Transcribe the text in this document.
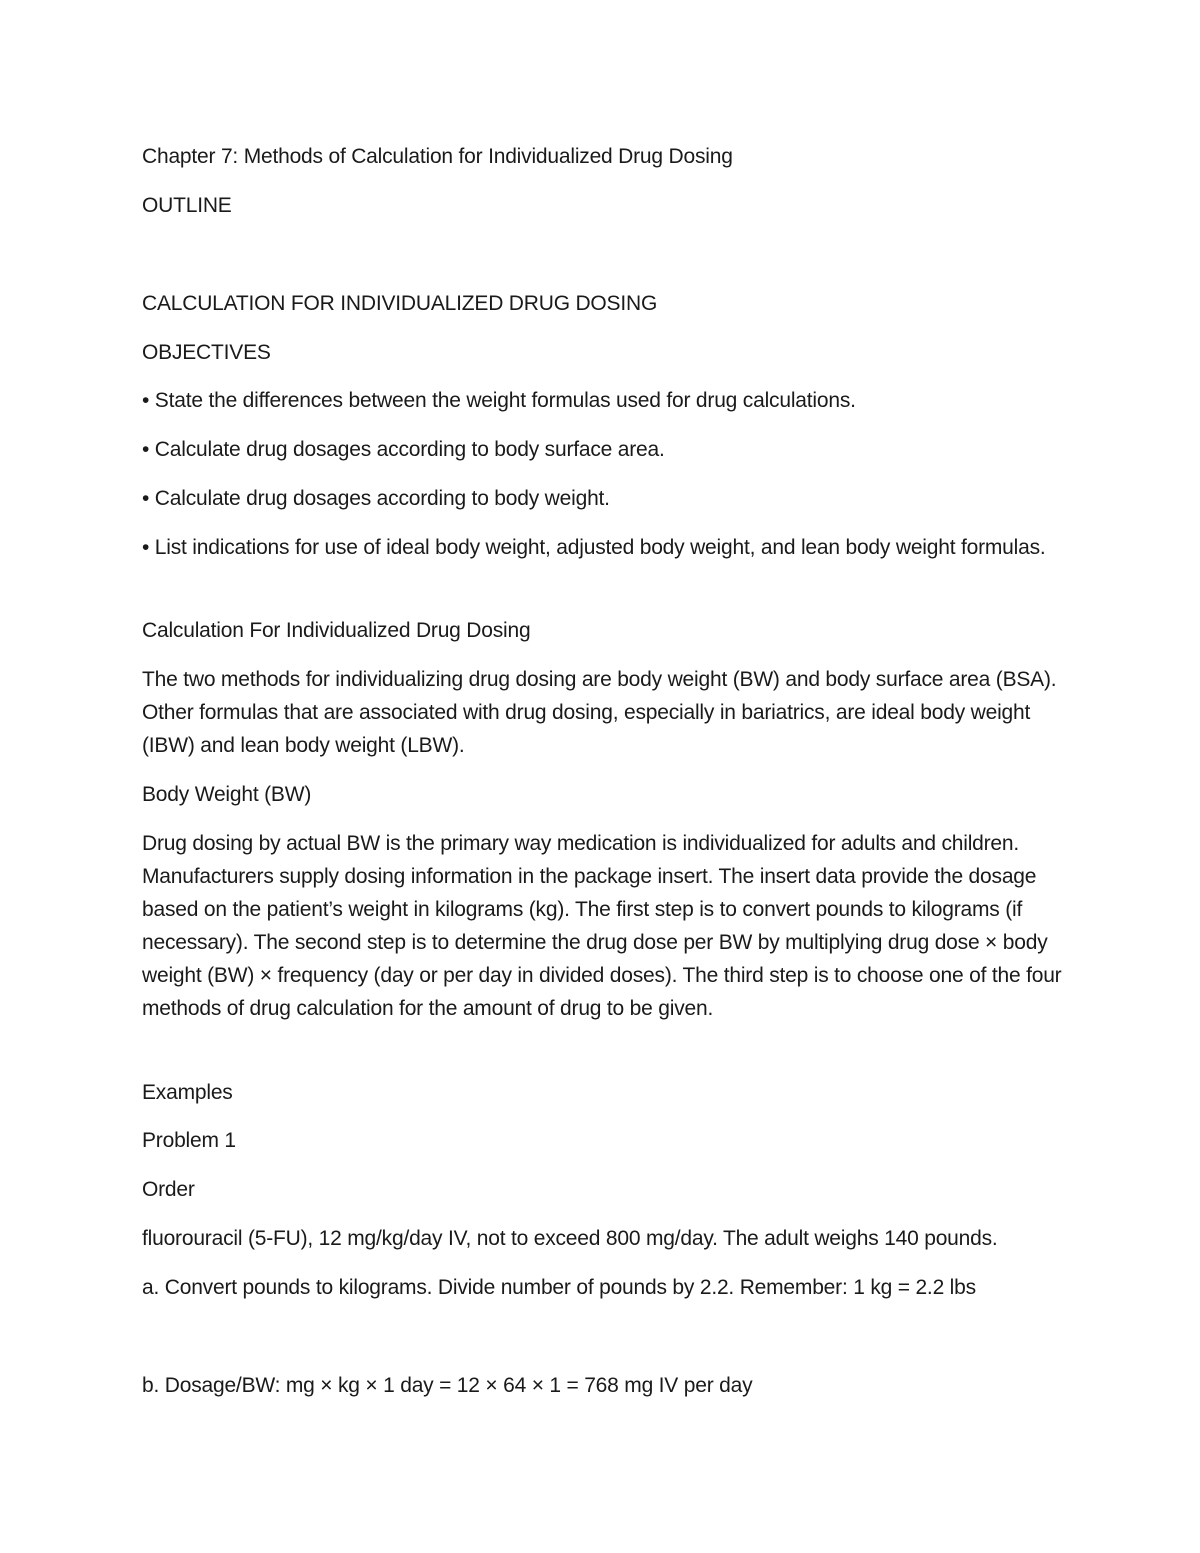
Chapter 7: Methods of Calculation for Individualized Drug Dosing

OUTLINE

CALCULATION FOR INDIVIDUALIZED DRUG DOSING

OBJECTIVES

• State the differences between the weight formulas used for drug calculations.

• Calculate drug dosages according to body surface area.

• Calculate drug dosages according to body weight.

• List indications for use of ideal body weight, adjusted body weight, and lean body weight formulas.

Calculation For Individualized Drug Dosing

The two methods for individualizing drug dosing are body weight (BW) and body surface area (BSA). Other formulas that are associated with drug dosing, especially in bariatrics, are ideal body weight (IBW) and lean body weight (LBW).

Body Weight (BW)

Drug dosing by actual BW is the primary way medication is individualized for adults and children. Manufacturers supply dosing information in the package insert. The insert data provide the dosage based on the patient’s weight in kilograms (kg). The first step is to convert pounds to kilograms (if necessary). The second step is to determine the drug dose per BW by multiplying drug dose × body weight (BW) × frequency (day or per day in divided doses). The third step is to choose one of the four methods of drug calculation for the amount of drug to be given.

Examples

Problem 1

Order

fluorouracil (5-FU), 12 mg/kg/day IV, not to exceed 800 mg/day. The adult weighs 140 pounds.

a. Convert pounds to kilograms. Divide number of pounds by 2.2. Remember: 1 kg = 2.2 lbs

b. Dosage/BW: mg × kg × 1 day = 12 × 64 × 1 = 768 mg IV per day
